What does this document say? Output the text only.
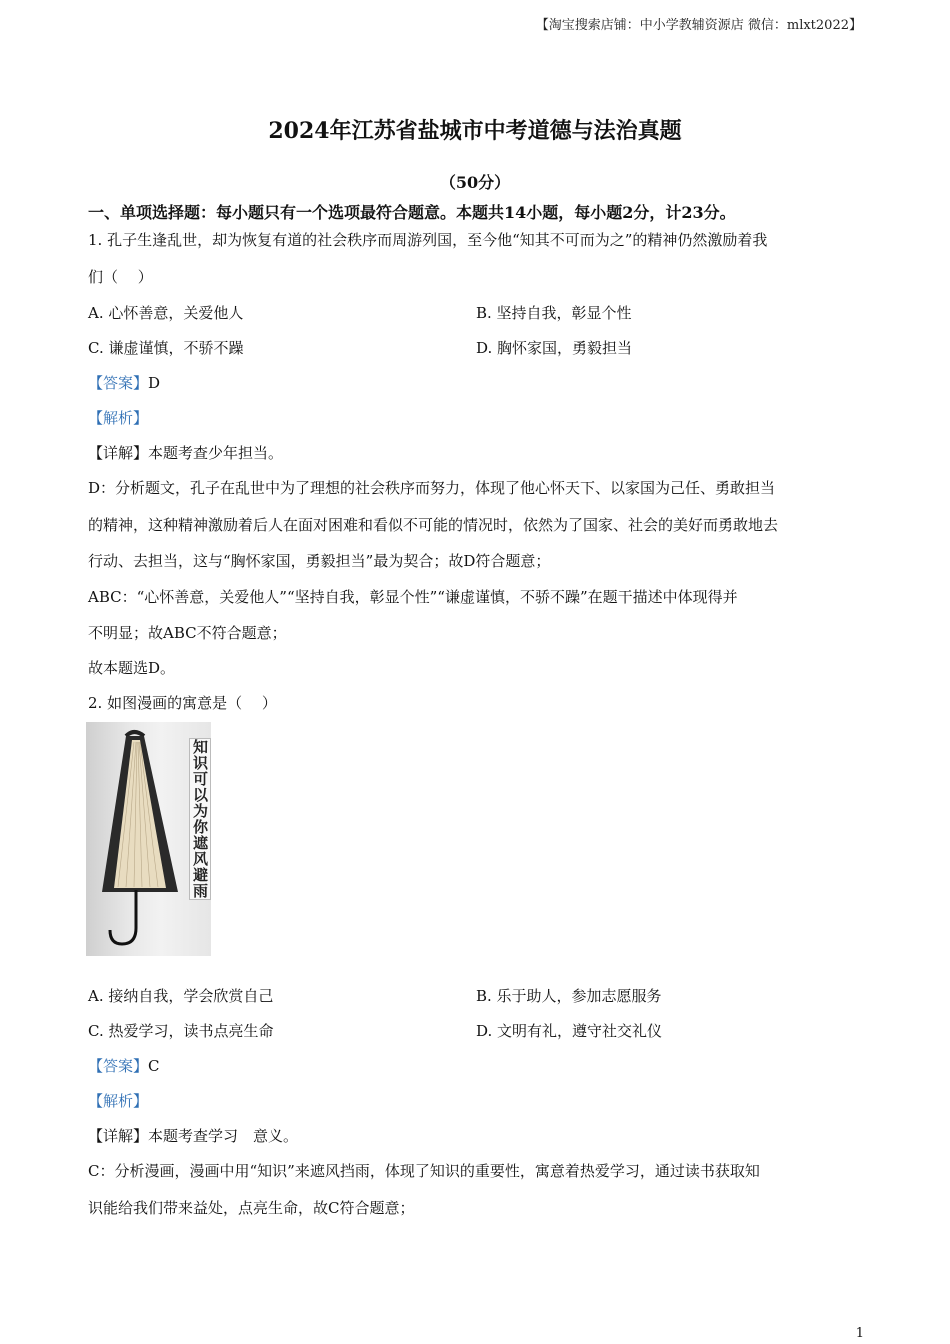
【淘宝搜索店铺：中小学教辅资源店 微信：mlxt2022】
2024年江苏省盐城市中考道德与法治真题
（50分）
一、单项选择题：每小题只有一个选项最符合题意。本题共14小题，每小题2分，计23分。
1. 孔子生逢乱世，却为恢复有道的社会秩序而周游列国，至今他“知其不可而为之”的精神仍然激励着我
们（　 ）
A. 心怀善意，关爱他人	B. 坚持自我，彰显个性
C. 谦虚谨慎，不骄不躁	D. 胸怀家国，勇毅担当
【答案】D
【解析】
【详解】本题考查少年担当。
D：分析题文，孔子在乱世中为了理想的社会秩序而努力，体现了他心怀天下、以家国为己任、勇敢担当
的精神，这种精神激励着后人在面对困难和看似不可能的情况时，依然为了国家、社会的美好而勇敢地去
行动、去担当，这与“胸怀家国，勇毅担当”最为契合；故D符合题意；
ABC：“心怀善意，关爱他人”“坚持自我，彰显个性”“谦虚谨慎，不骄不躁”在题干描述中体现得并
不明显；故ABC不符合题意；
故本题选D。
2. 如图漫画的寓意是（　 ）
知识可以为你遮风避雨
A. 接纳自我，学会欣赏自己	B. 乐于助人，参加志愿服务
C. 热爱学习，读书点亮生命	D. 文明有礼，遵守社交礼仪
【答案】C
【解析】
【详解】本题考查学习　意义。
C：分析漫画，漫画中用“知识”来遮风挡雨，体现了知识的重要性，寓意着热爱学习，通过读书获取知
识能给我们带来益处，点亮生命，故C符合题意；
1
